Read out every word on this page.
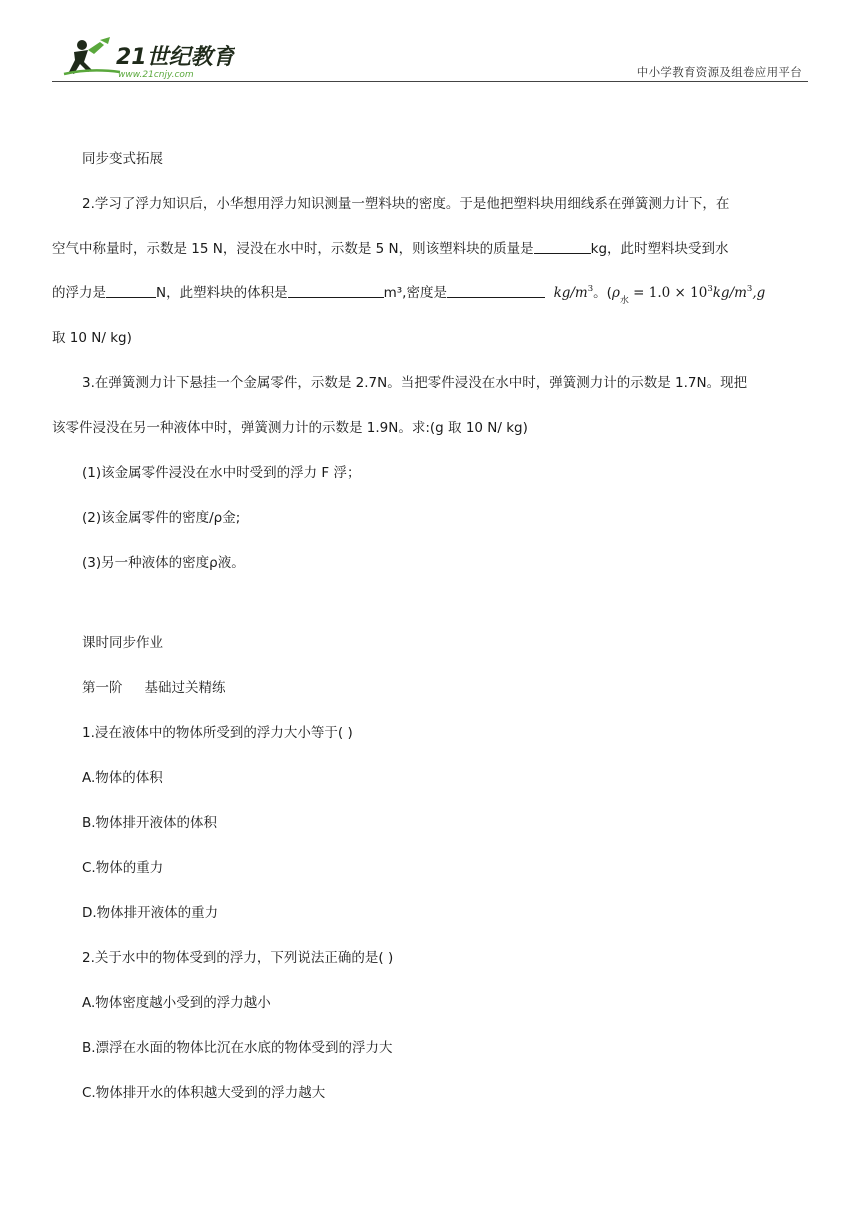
21世纪教育
www.21cnjy.com	中小学教育资源及组卷应用平台
同步变式拓展
2.学习了浮力知识后，小华想用浮力知识测量一塑料块的密度。于是他把塑料块用细线系在弹簧测力计下，在
空气中称量时，示数是 15 N，浸没在水中时，示数是 5 N，则该塑料块的质量是	kg，此时塑料块受到水
的浮力是	N，此塑料块的体积是	m³,密度是	$kg/m^3$。($\rho_水 = 1.0 \times 10^3kg/m^3,g$
取 10 N/ kg)
3.在弹簧测力计下悬挂一个金属零件，示数是 2.7N。当把零件浸没在水中时，弹簧测力计的示数是 1.7N。现把
该零件浸没在另一种液体中时，弹簧测力计的示数是 1.9N。求:(g 取 10 N/ kg)
(1)该金属零件浸没在水中时受到的浮力 F 浮；
(2)该金属零件的密度/ρ金;
(3)另一种液体的密度ρ液。
课时同步作业
第一阶 基础过关精练
1.浸在液体中的物体所受到的浮力大小等于( )
A.物体的体积
B.物体排开液体的体积
C.物体的重力
D.物体排开液体的重力
2.关于水中的物体受到的浮力，下列说法正确的是( )
A.物体密度越小受到的浮力越小
B.漂浮在水面的物体比沉在水底的物体受到的浮力大
C.物体排开水的体积越大受到的浮力越大
